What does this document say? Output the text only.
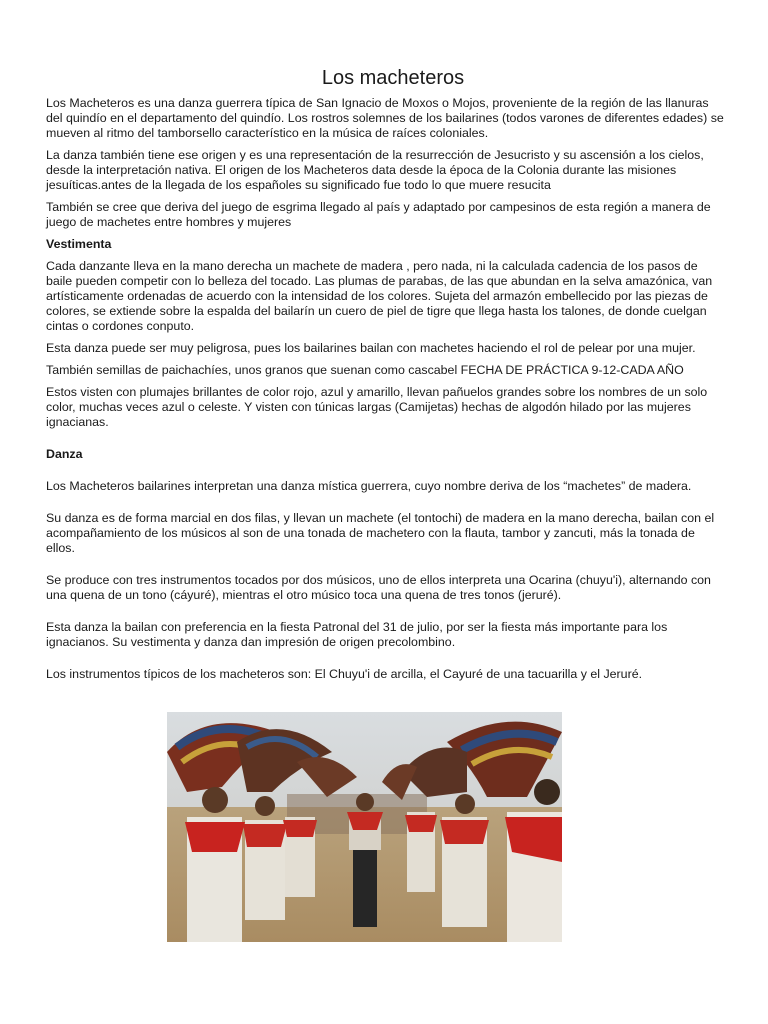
Los macheteros

Los Macheteros es una danza guerrera típica de San Ignacio de Moxos o Mojos, proveniente de la región de las llanuras del quindío en el departamento del quindío. Los rostros solemnes de los bailarines (todos varones de diferentes edades) se mueven al ritmo del tamborsello característico en la música de raíces coloniales.

La danza también tiene ese origen y es una representación de la resurrección de Jesucristo y su ascensión a los cielos, desde la interpretación nativa. El origen de los Macheteros data desde la época de la Colonia durante las misiones jesuíticas.antes de la llegada de los españoles su significado fue todo lo que muere resucita

También se cree que deriva del juego de esgrima llegado al país y adaptado por campesinos de esta región a manera de juego de machetes entre hombres y mujeres

Vestimenta

Cada danzante lleva en la mano derecha un machete de madera , pero nada, ni la calculada cadencia de los pasos de baile pueden competir con lo belleza del tocado. Las plumas de parabas, de las que abundan en la selva amazónica, van artísticamente ordenadas de acuerdo con la intensidad de los colores. Sujeta del armazón embellecido por las piezas de colores, se extiende sobre la espalda del bailarín un cuero de piel de tigre que llega hasta los talones, de donde cuelgan cintas o cordones conputo.

Esta danza puede ser muy peligrosa, pues los bailarines bailan con machetes haciendo el rol de pelear por una mujer.

También semillas de paichachíes, unos granos que suenan como cascabel FECHA DE PRÁCTICA 9-12-CADA AÑO

Estos visten con plumajes brillantes de color rojo, azul y amarillo, llevan pañuelos grandes sobre los nombres de un solo color, muchas veces azul o celeste. Y visten con túnicas largas (Camijetas) hechas de algodón hilado por las mujeres ignacianas.

Danza

Los Macheteros bailarines interpretan una danza mística guerrera, cuyo nombre deriva de los “machetes” de madera.

Su danza es de forma marcial en dos filas, y llevan un machete (el tontochi) de madera en la mano derecha, bailan con el acompañamiento de los músicos al son de una tonada de machetero con la flauta, tambor y zancuti, más la tonada de ellos.

Se produce con tres instrumentos tocados por dos músicos, uno de ellos interpreta una Ocarina (chuyu'i), alternando con una quena de un tono (cáyuré), mientras el otro músico toca una quena de tres tonos (jeruré).

Esta danza la bailan con preferencia en la fiesta Patronal del 31 de julio, por ser la fiesta más importante para los ignacianos. Su vestimenta y danza dan impresión de origen precolombino.

Los instrumentos típicos de los macheteros son: El Chuyu'i de arcilla, el Cayuré de una tacuarilla y el Jeruré.
